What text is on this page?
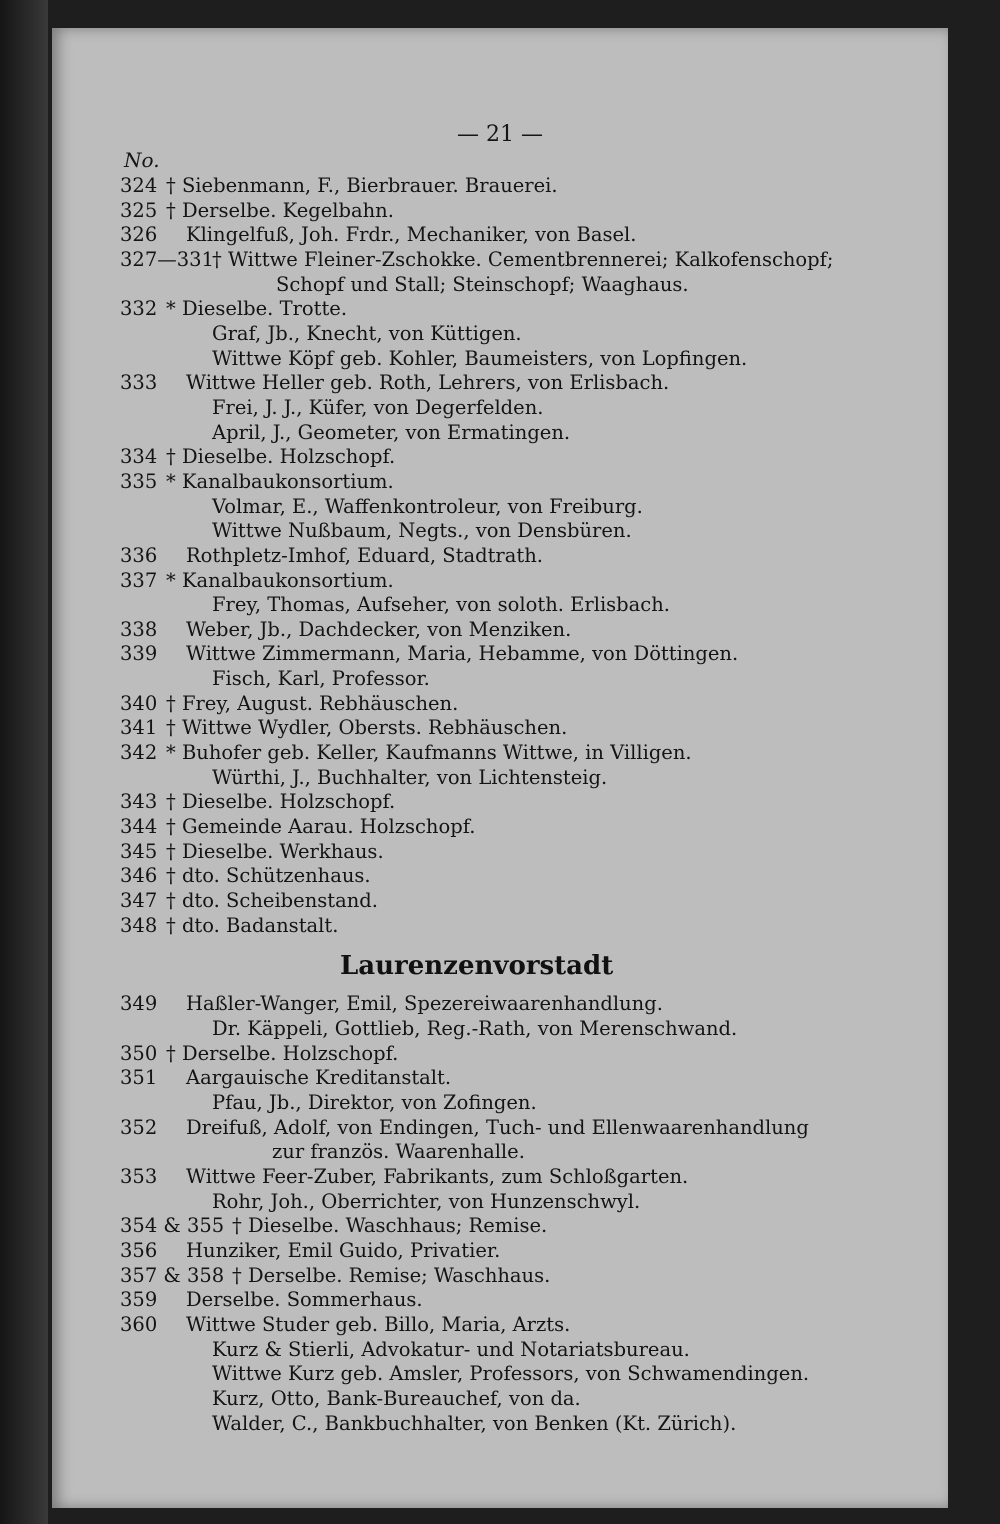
— 21 —
No.
324 † Siebenmann, F., Bierbrauer. Brauerei.
325 † Derselbe. Kegelbahn.
326 Klingelfuß, Joh. Frdr., Mechaniker, von Basel.
327—331
† Wittwe Fleiner-Zschokke. Cementbrennerei; Kalkofenschopf;
Schopf und Stall; Steinschopf; Waaghaus.
332 * Dieselbe. Trotte.
Graf, Jb., Knecht, von Küttigen.
Wittwe Köpf geb. Kohler, Baumeisters, von Lopfingen.
333 Wittwe Heller geb. Roth, Lehrers, von Erlisbach.
Frei, J. J., Küfer, von Degerfelden.
April, J., Geometer, von Ermatingen.
334 † Dieselbe. Holzschopf.
335 * Kanalbaukonsortium.
Volmar, E., Waffenkontroleur, von Freiburg.
Wittwe Nußbaum, Negts., von Densbüren.
336 Rothpletz-Imhof, Eduard, Stadtrath.
337 * Kanalbaukonsortium.
Frey, Thomas, Aufseher, von soloth. Erlisbach.
338 Weber, Jb., Dachdecker, von Menziken.
339 Wittwe Zimmermann, Maria, Hebamme, von Döttingen.
Fisch, Karl, Professor.
340 † Frey, August. Rebhäuschen.
341 † Wittwe Wydler, Obersts. Rebhäuschen.
342 * Buhofer geb. Keller, Kaufmanns Wittwe, in Villigen.
Würthi, J., Buchhalter, von Lichtensteig.
343 † Dieselbe. Holzschopf.
344 † Gemeinde Aarau. Holzschopf.
345 † Dieselbe. Werkhaus.
346 † dto. Schützenhaus.
347 † dto. Scheibenstand.
348 † dto. Badanstalt.
Laurenzenvorstadt
349 Haßler-Wanger, Emil, Spezereiwaarenhandlung.
Dr. Käppeli, Gottlieb, Reg.-Rath, von Merenschwand.
350 † Derselbe. Holzschopf.
351 Aargauische Kreditanstalt.
Pfau, Jb., Direktor, von Zofingen.
352 Dreifuß, Adolf, von Endingen, Tuch- und Ellenwaarenhandlung
zur französ. Waarenhalle.
353 Wittwe Feer-Zuber, Fabrikants, zum Schloßgarten.
Rohr, Joh., Oberrichter, von Hunzenschwyl.
354 & 355 † Dieselbe. Waschhaus; Remise.
356 Hunziker, Emil Guido, Privatier.
357 & 358 † Derselbe. Remise; Waschhaus.
359 Derselbe. Sommerhaus.
360 Wittwe Studer geb. Billo, Maria, Arzts.
Kurz & Stierli, Advokatur- und Notariatsbureau.
Wittwe Kurz geb. Amsler, Professors, von Schwamendingen.
Kurz, Otto, Bank-Bureauchef, von da.
Walder, C., Bankbuchhalter, von Benken (Kt. Zürich).
